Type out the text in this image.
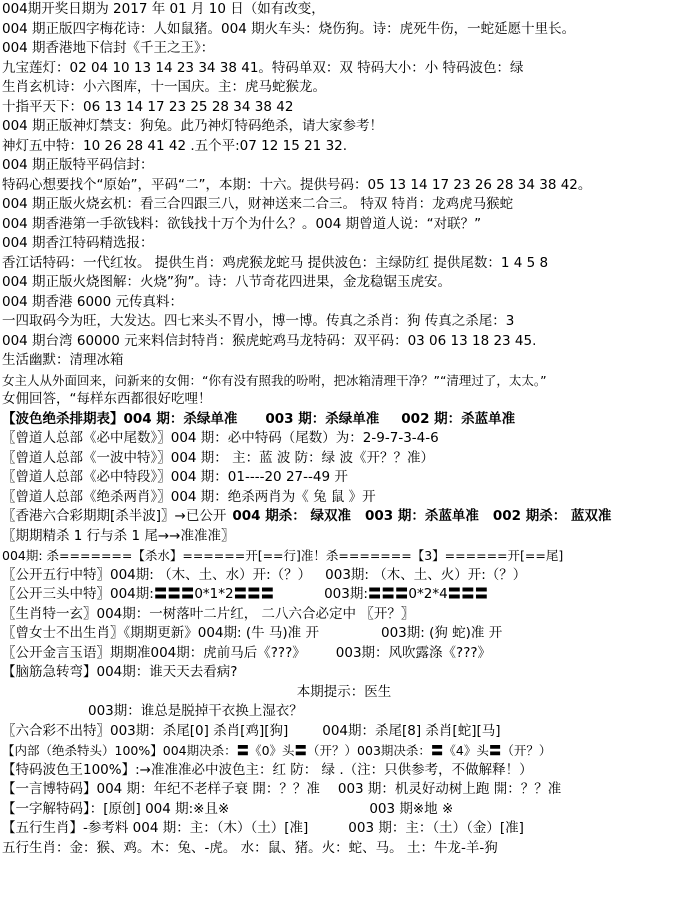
004期开奖日期为 2017 年 01 月 10 日（如有改变，
004 期正版四字梅花诗：人如鼠猪。004 期火车头：烧伤狗。诗：虎死牛伤，一蛇延愿十里长。
004 期香港地下信封《千王之王》：
九宝莲灯：02 04 10 13 14 23 34 38 41。特码单双：双 特码大小：小 特码波色：绿
生肖玄机诗：小六图库，十一国庆。主：虎马蛇猴龙。
十指平天下：06 13 14 17 23 25 28 34 38 42
004 期正版神灯禁支：狗兔。此乃神灯特码绝杀，请大家参考！
神灯五中特：10 26 28 41 42 .五个平:07 12 15 21 32.
004 期正版特平码信封：
特码心想要找个“原始”，平码“二”，本期：十六。提供号码：05 13 14 17 23 26 28 34 38 42。
004 期正版火烧玄机：看三合四跟三八，财神送来二合三。 特双 特肖：龙鸡虎马猴蛇
004 期香港第一手欲钱料：欲钱找十万个为什么？。004 期曾道人说：“对联？”
004 期香江特码精选报：
香江话特码：一代红妆。 提供生肖：鸡虎猴龙蛇马 提供波色：主绿防红 提供尾数：1 4 5 8
004 期正版火烧图解：火烧”狗”。诗：八节奇花四进果，金龙稳锯玉虎安。
004 期香港 6000 元传真料：
一四取码今为旺，大发达。四七来头不胃小，博一博。传真之杀肖：狗 传真之杀尾：3
004 期台湾 60000 元来料信封特肖：猴虎蛇鸡马龙特码：双平码：03 06 13 18 23 45.
生活幽默：清理冰箱
女主人从外面回来，问新来的女佣：“你有没有照我的吩咐，把冰箱清理干净？”“清理过了，太太。”
女佣回答，“每样东西都很好吃哩！
【波色绝杀排期表】004 期：杀绿单准 003 期：杀绿单准 002 期：杀蓝单准
〖曾道人总部《必中尾数》〗004 期：必中特码（尾数）为：2-9-7-3-4-6
〖曾道人总部《一波中特》〗004 期： 主：蓝 波 防：绿 波《开？？准）
〖曾道人总部《必中特段》〗004 期：01----20 27--49 开
〖曾道人总部《绝杀两肖》〗004 期：绝杀两肖为《 兔 鼠 》开
〖香港六合彩期期[杀半波]〗→已公开 004 期杀： 绿双准 003 期：杀蓝单准 002 期杀： 蓝双准
〖期期精杀 1 行与杀 1 尾→→准准准〗
004期: 杀=======【杀水】======开[==行]准！杀=======【3】======开[==尾]
〖公开五行中特〗004期: （木、土、水）开:（？） 003期: （木、土、火）开:（？）
〖公开三头中特〗004期:〓〓〓0*1*2〓〓〓	003期:〓〓〓0*2*4〓〓〓
〖生肖特一玄〗004期：一树落叶二片红， 二八六合必定中 〖开？〗
〖曾女士不出生肖〗《期期更新》004期: (牛 马)准 开	003期: (狗 蛇)准 开
〖公开金言玉语〗期期准004期：虎前马后《???》 003期：风吹露涤《???》
【脑筋急转弯】004期：谁天天去看病?
本期提示：医生
003期：谁总是脱掉干衣换上湿衣？
〖六合彩不出特〗003期：杀尾[0] 杀肖[鸡][狗]	004期：杀尾[8] 杀肖[蛇][马]
【内部（绝杀特头）100%】004期决杀：〓《0》头〓（开？）003期决杀：〓《4》头〓（开？）
【特码波色王100%】:→准准准必中波色主：红 防： 绿 .（注：只供参考，不做解释！）
【一言博特码】004 期：年纪不老样子衰 開：？？准 003 期：机灵好动树上跑 開：？？准
【一字解特码】：[原创] 004 期:※且※	003 期※地 ※
【五行生肖】-参考料 004 期：主：（木）（土）[准]	003 期：主：（土）（金）[准]
五行生肖：金：猴、鸡。木：兔、-虎。 水：鼠、猪。火：蛇、马。 土：牛龙-羊-狗
